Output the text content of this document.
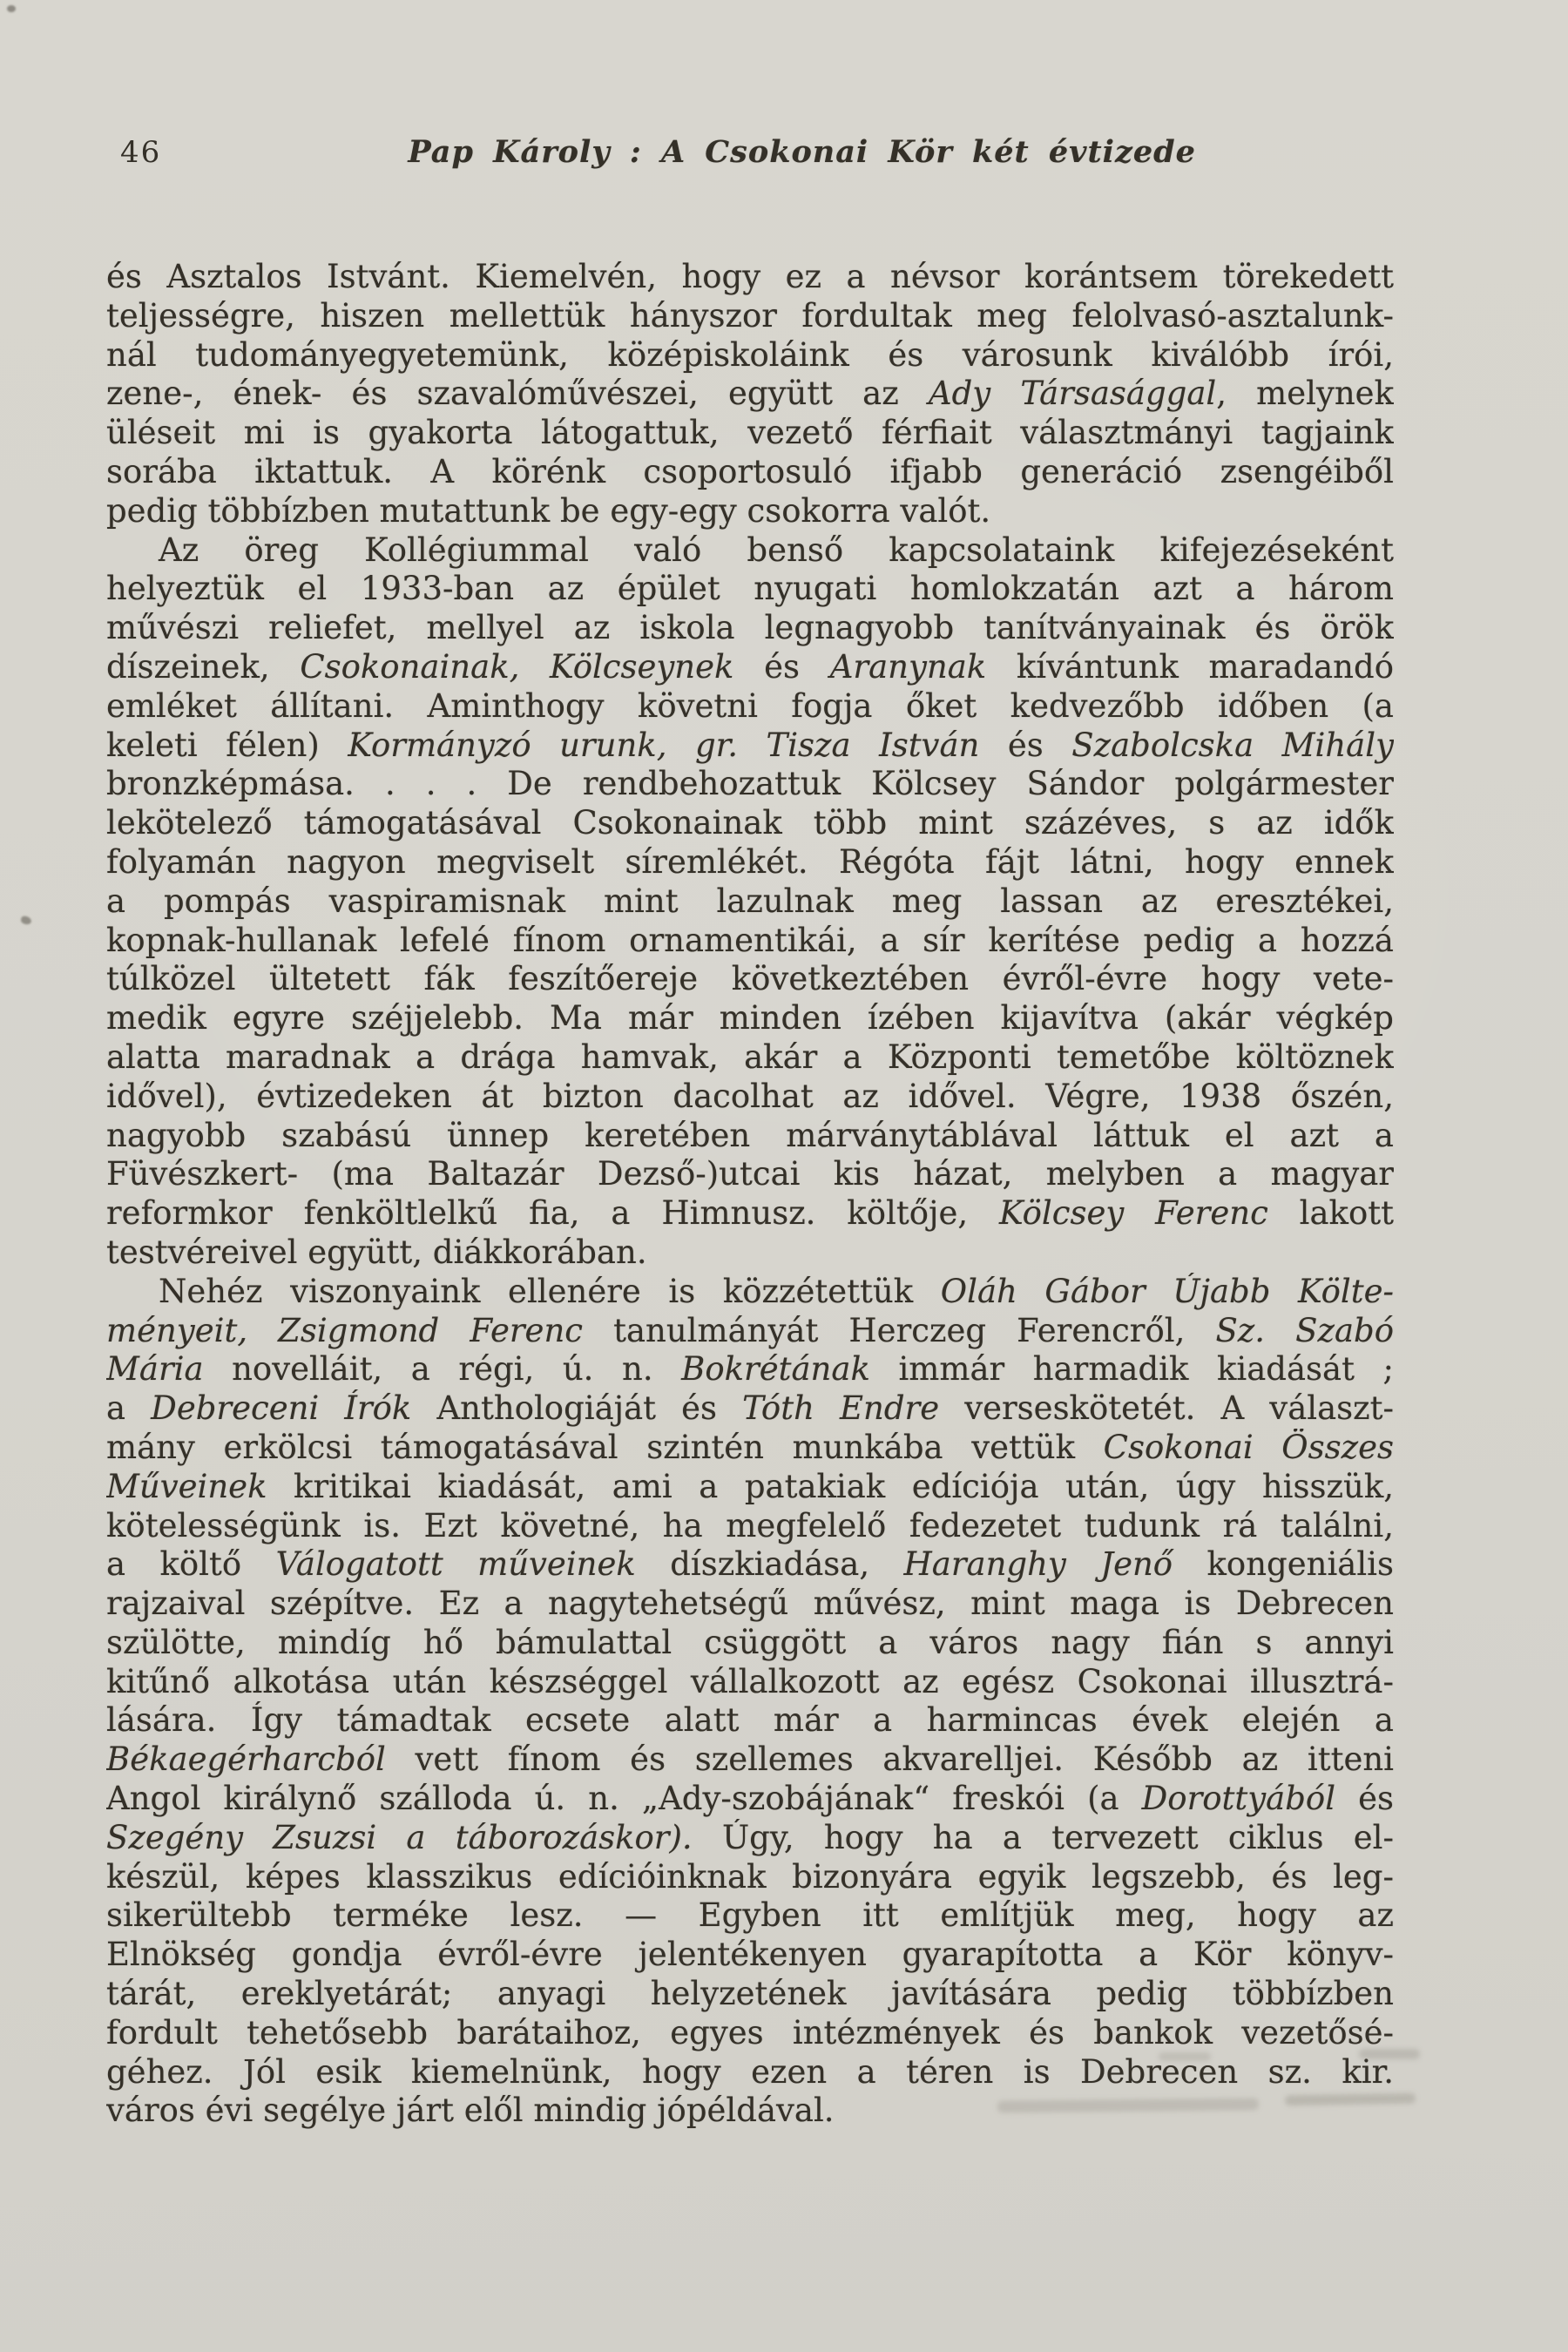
46	Pap Károly : A Csokonai Kör két évtizede
és Asztalos Istvánt. Kiemelvén, hogy ez a névsor korántsem törekedett
teljességre, hiszen mellettük hányszor fordultak meg felolvasó-asztalunk-
nál tudományegyetemünk, középiskoláink és városunk kiválóbb írói,
zene-, ének- és szavalóművészei, együtt az Ady Társasággal, melynek
üléseit mi is gyakorta látogattuk, vezető férfiait választmányi tagjaink
sorába iktattuk. A körénk csoportosuló ifjabb generáció zsengéiből
pedig többízben mutattunk be egy-egy csokorra valót.
Az öreg Kollégiummal való benső kapcsolataink kifejezéseként
helyeztük el 1933-ban az épület nyugati homlokzatán azt a három
művészi reliefet, mellyel az iskola legnagyobb tanítványainak és örök
díszeinek, Csokonainak, Kölcseynek és Aranynak kívántunk maradandó
emléket állítani. Aminthogy követni fogja őket kedvezőbb időben (a
keleti félen) Kormányzó urunk, gr. Tisza István és Szabolcska Mihály
bronzképmása. . . . De rendbehozattuk Kölcsey Sándor polgármester
lekötelező támogatásával Csokonainak több mint százéves, s az idők
folyamán nagyon megviselt síremlékét. Régóta fájt látni, hogy ennek
a pompás vaspiramisnak mint lazulnak meg lassan az eresztékei,
kopnak-hullanak lefelé fínom ornamentikái, a sír kerítése pedig a hozzá
túlközel ültetett fák feszítőereje következtében évről-évre hogy vete-
medik egyre széjjelebb. Ma már minden ízében kijavítva (akár végkép
alatta maradnak a drága hamvak, akár a Központi temetőbe költöznek
idővel), évtizedeken át bizton dacolhat az idővel. Végre, 1938 őszén,
nagyobb szabású ünnep keretében márványtáblával láttuk el azt a
Füvészkert- (ma Baltazár Dezső-)utcai kis házat, melyben a magyar
reformkor fenköltlelkű fia, a Himnusz. költője, Kölcsey Ferenc lakott
testvéreivel együtt, diákkorában.
Nehéz viszonyaink ellenére is közzétettük Oláh Gábor Újabb Költe-
ményeit, Zsigmond Ferenc tanulmányát Herczeg Ferencről, Sz. Szabó
Mária novelláit, a régi, ú. n. Bokrétának immár harmadik kiadását ;
a Debreceni Írók Anthologiáját és Tóth Endre verseskötetét. A választ-
mány erkölcsi támogatásával szintén munkába vettük Csokonai Összes
Műveinek kritikai kiadását, ami a patakiak edíciója után, úgy hisszük,
kötelességünk is. Ezt követné, ha megfelelő fedezetet tudunk rá találni,
a költő Válogatott műveinek díszkiadása, Haranghy Jenő kongeniális
rajzaival szépítve. Ez a nagytehetségű művész, mint maga is Debrecen
szülötte, mindíg hő bámulattal csüggött a város nagy fián s annyi
kitűnő alkotása után készséggel vállalkozott az egész Csokonai illusztrá-
lására. Így támadtak ecsete alatt már a harmincas évek elején a
Békaegérharcból vett fínom és szellemes akvarelljei. Később az itteni
Angol királynő szálloda ú. n. „Ady-szobájának“ freskói (a Dorottyából és
Szegény Zsuzsi a táborozáskor). Úgy, hogy ha a tervezett ciklus el-
készül, képes klasszikus edícióinknak bizonyára egyik legszebb, és leg-
sikerültebb terméke lesz. — Egyben itt említjük meg, hogy az
Elnökség gondja évről-évre jelentékenyen gyarapította a Kör könyv-
tárát, ereklyetárát; anyagi helyzetének javítására pedig többízben
fordult tehetősebb barátaihoz, egyes intézmények és bankok vezetősé-
géhez. Jól esik kiemelnünk, hogy ezen a téren is Debrecen sz. kir.
város évi segélye járt elől mindig jópéldával.
